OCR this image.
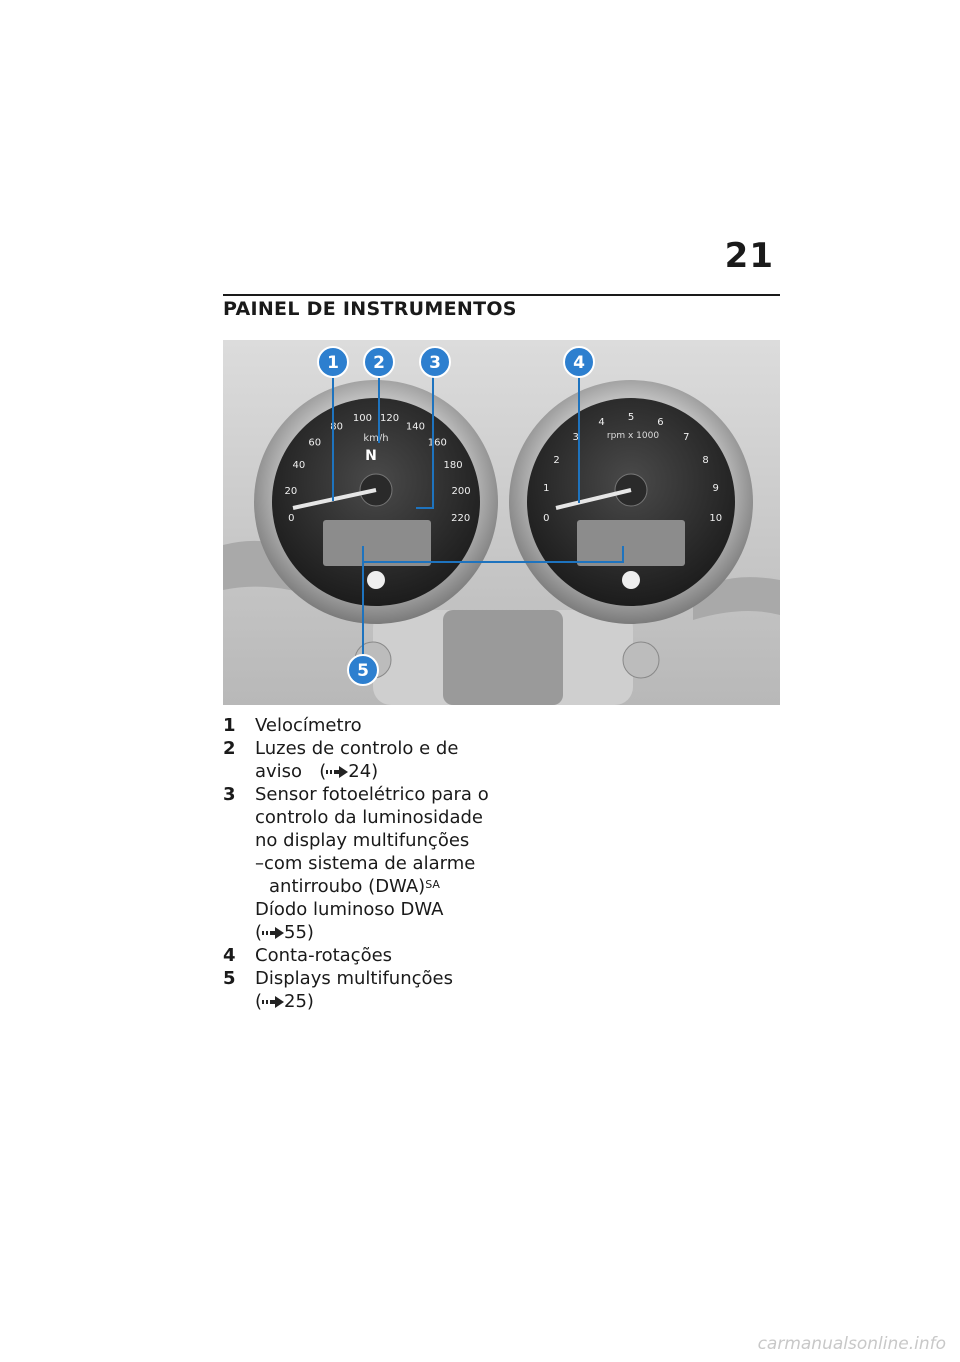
21
PAINEL DE INSTRUMENTOS
km/h
N
0
20
40
60
80
100 120
140
160
180
200
220
rpm x 1000
0
1
2
3
4 5 6
7
8
9
10
1 2	3	4
5
1	Velocímetro
2	Luzes de controlo e de
aviso   ( 24)
3	Sensor fotoelétrico para o
controlo da luminosidade
no display multifunções
–com sistema de alarme
antirroubo (DWA)$^{SA}$
Díodo luminoso DWA
( 55)
4	Conta-rotações
5	Displays multifunções
( 25)
carmanualsonline.info
